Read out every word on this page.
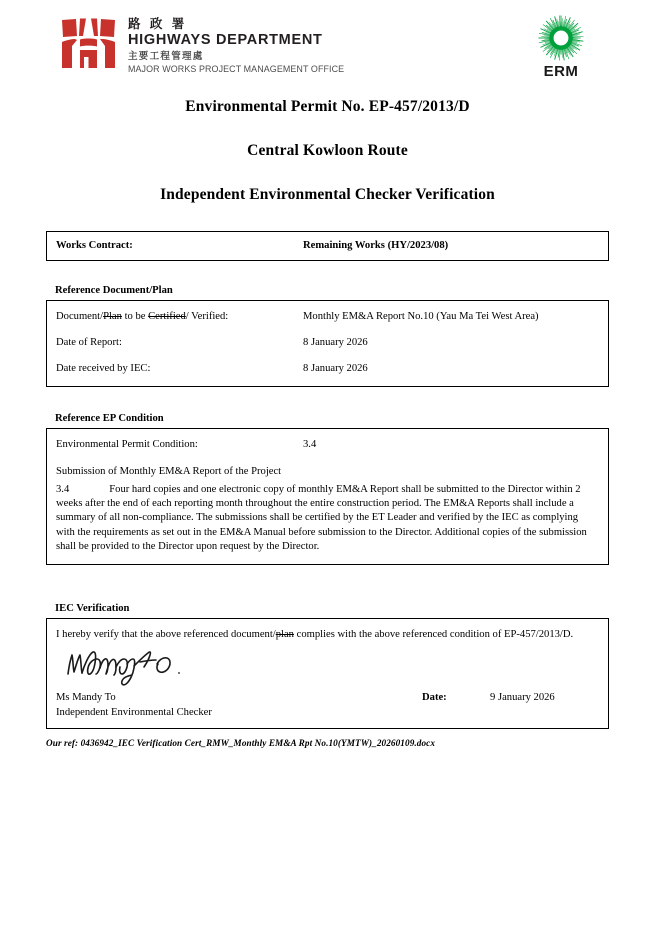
路 政 署
HIGHWAYS DEPARTMENT
主要工程管理處
MAJOR WORKS PROJECT MANAGEMENT OFFICE	ERM
Environmental Permit No. EP-457/2013/D
Central Kowloon Route
Independent Environmental Checker Verification
Works Contract:	Remaining Works (HY/2023/08)
Reference Document/Plan
Document/Plan to be Certified/ Verified:	Monthly EM&A Report No.10 (Yau Ma Tei West Area)
Date of Report:	8 January 2026
Date received by IEC:	8 January 2026
Reference EP Condition
Environmental Permit Condition:	3.4
Submission of Monthly EM&A Report of the Project
3.4	Four hard copies and one electronic copy of monthly EM&A Report shall be submitted to the Director within 2 weeks after the end of each reporting month throughout the entire construction period. The EM&A Reports shall include a summary of all non-compliance. The submissions shall be certified by the ET Leader and verified by the IEC as complying with the requirements as set out in the EM&A Manual before submission to the Director. Additional copies of the submission shall be provided to the Director upon request by the Director.
IEC Verification
I hereby verify that the above referenced document/plan complies with the above referenced condition of EP-457/2013/D.
Ms Mandy To	Date:	9 January 2026
Independent Environmental Checker
Our ref: 0436942_IEC Verification Cert_RMW_Monthly EM&A Rpt No.10(YMTW)_20260109.docx
